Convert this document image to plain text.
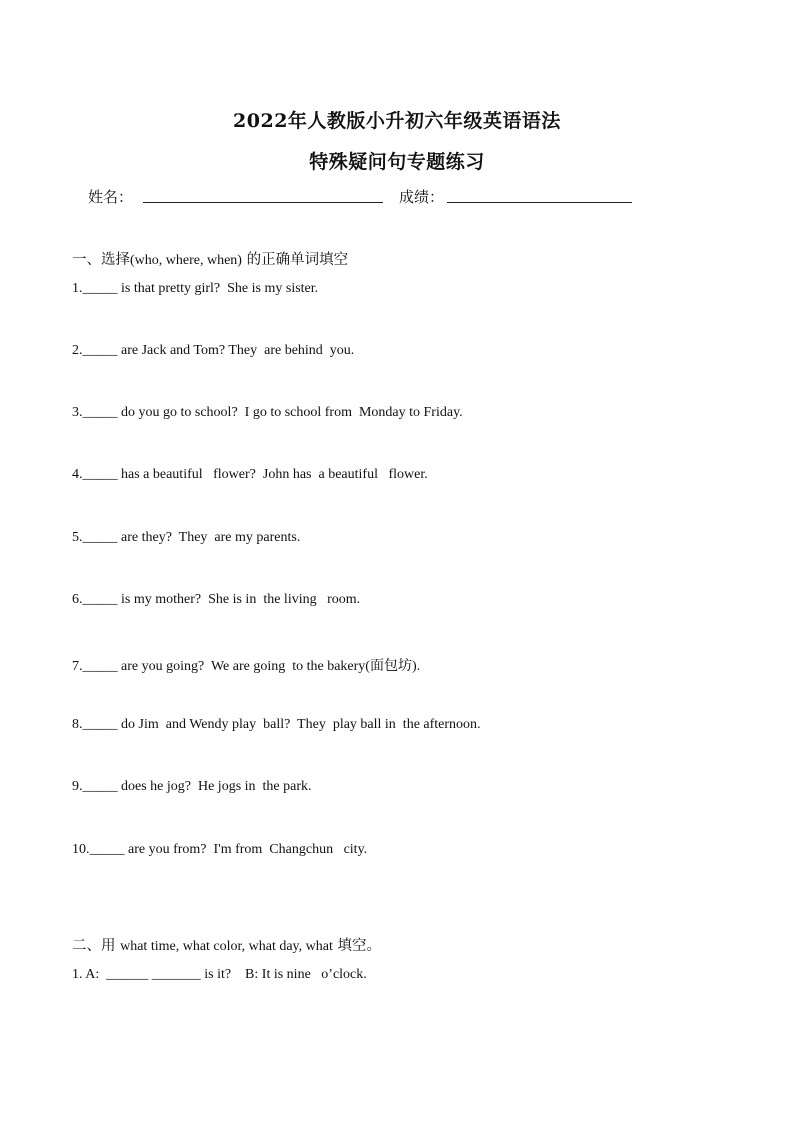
2022年人教版小升初六年级英语语法
特殊疑问句专题练习
姓名：	成绩：
一、选择(who, where, when) 的正确单词填空
1._____ is that pretty girl?  She is my sister.
2._____ are Jack and Tom? They  are behind  you.
3._____ do you go to school?  I go to school from  Monday to Friday.
4._____ has a beautiful   flower?  John has  a beautiful   flower.
5._____ are they?  They  are my parents.
6._____ is my mother?  She is in  the living   room.
7._____ are you going?  We are going  to the bakery(面包坊).
8._____ do Jim  and Wendy play  ball?  They  play ball in  the afternoon.
9._____ does he jog?  He jogs in  the park.
10._____ are you from?  I'm from  Changchun   city.
二、用 what time, what color, what day, what 填空。
1. A:  ______ _______ is it?    B: It is nine   o’clock.
